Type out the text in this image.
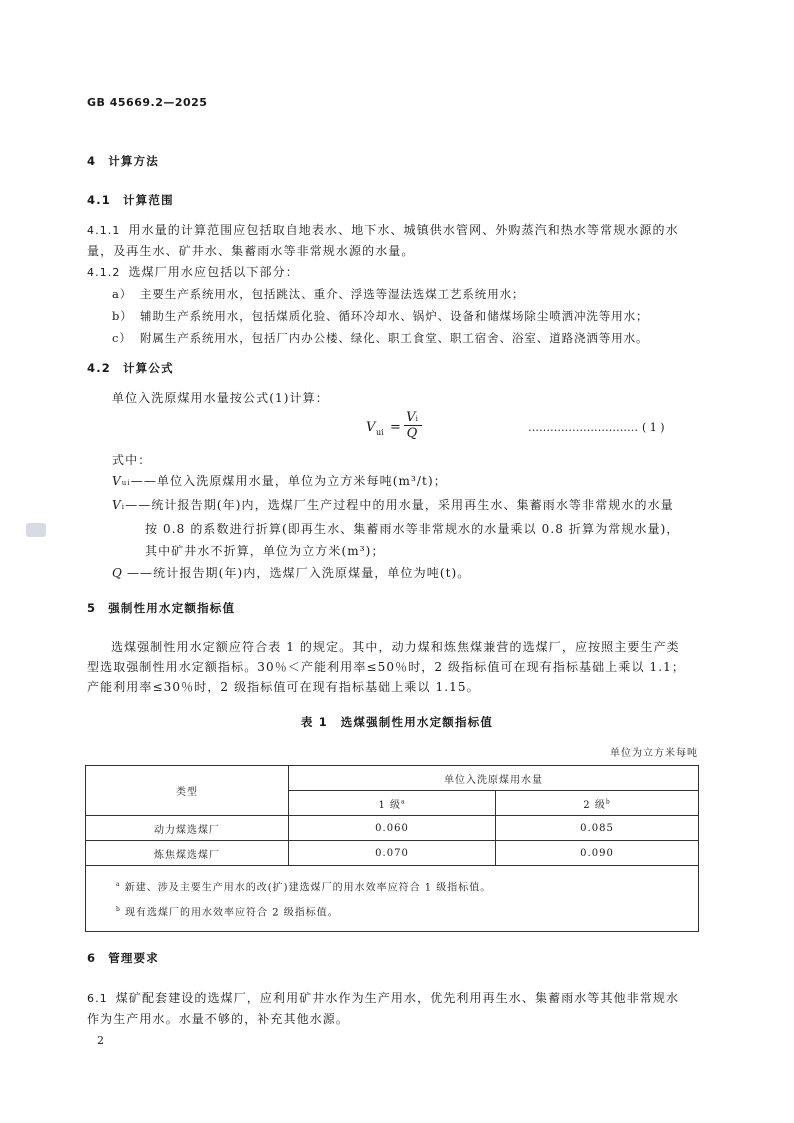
GB 45669.2—2025
4 计算方法
4.1 计算范围
4.1.1 用水量的计算范围应包括取自地表水、地下水、城镇供水管网、外购蒸汽和热水等常规水源的水
量，及再生水、矿井水、集蓄雨水等非常规水源的水量。
4.1.2 选煤厂用水应包括以下部分：
a） 主要生产系统用水，包括跳汰、重介、浮选等湿法选煤工艺系统用水；
b） 辅助生产系统用水，包括煤质化验、循环冷却水、锅炉、设备和储煤场除尘喷洒冲洗等用水；
c） 附属生产系统用水，包括厂内办公楼、绿化、职工食堂、职工宿舍、浴室、道路浇洒等用水。
4.2 计算公式
单位入洗原煤用水量按公式(1)计算：
V ui =
Vi
Q	………………………… ( 1 )
式中：
Vui——单位入洗原煤用水量，单位为立方米每吨(m³/t)；
Vi——统计报告期(年)内，选煤厂生产过程中的用水量，采用再生水、集蓄雨水等非常规水的水量
按 0.8 的系数进行折算(即再生水、集蓄雨水等非常规水的水量乘以 0.8 折算为常规水量)，
其中矿井水不折算，单位为立方米(m³)；
Q ——统计报告期(年)内，选煤厂入洗原煤量，单位为吨(t)。
5 强制性用水定额指标值
选煤强制性用水定额应符合表 1 的规定。其中，动力煤和炼焦煤兼营的选煤厂，应按照主要生产类
型选取强制性用水定额指标。30％＜产能利用率≤50％时，2 级指标值可在现有指标基础上乘以 1.1；
产能利用率≤30％时，2 级指标值可在现有指标基础上乘以 1.15。
表 1　选煤强制性用水定额指标值
单位为立方米每吨
类型	单位入洗原煤用水量	
	1 级$^a$	2 级$^b$
动力煤选煤厂	0.060	0.085
炼焦煤选煤厂	0.070	0.090

$^a$ 新建、涉及主要生产用水的改(扩)建选煤厂的用水效率应符合 1 级指标值。
$^b$ 现有选煤厂的用水效率应符合 2 级指标值。		
6 管理要求
6.1 煤矿配套建设的选煤厂，应利用矿井水作为生产用水，优先利用再生水、集蓄雨水等其他非常规水
作为生产用水。水量不够的，补充其他水源。
2
